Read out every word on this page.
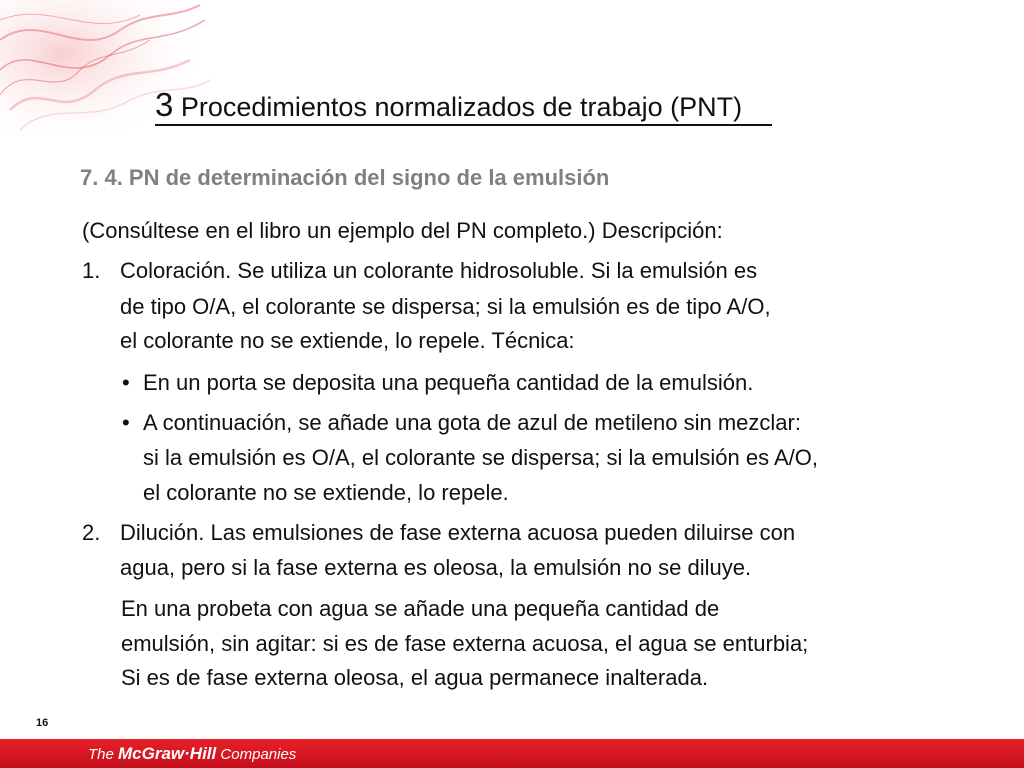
3 Procedimientos normalizados de trabajo (PNT)
7. 4. PN de determinación del signo de la emulsión
(Consúltese en el libro un ejemplo del PN completo.) Descripción:
1. Coloración. Se utiliza un colorante hidrosoluble. Si la emulsión es
de tipo O/A, el colorante se dispersa; si la emulsión es de tipo A/O,
el colorante no se extiende, lo repele. Técnica:
• En un porta se deposita una pequeña cantidad de la emulsión.
• A continuación, se añade una gota de azul de metileno sin mezclar:
si la emulsión es O/A, el colorante se dispersa; si la emulsión es A/O,
el colorante no se extiende, lo repele.
2. Dilución. Las emulsiones de fase externa acuosa pueden diluirse con
agua, pero si la fase externa es oleosa, la emulsión no se diluye.
En una probeta con agua se añade una pequeña cantidad de
emulsión, sin agitar: si es de fase externa acuosa, el agua se enturbia;
Si es de fase externa oleosa, el agua permanece inalterada.
16
The McGraw·Hill Companies
